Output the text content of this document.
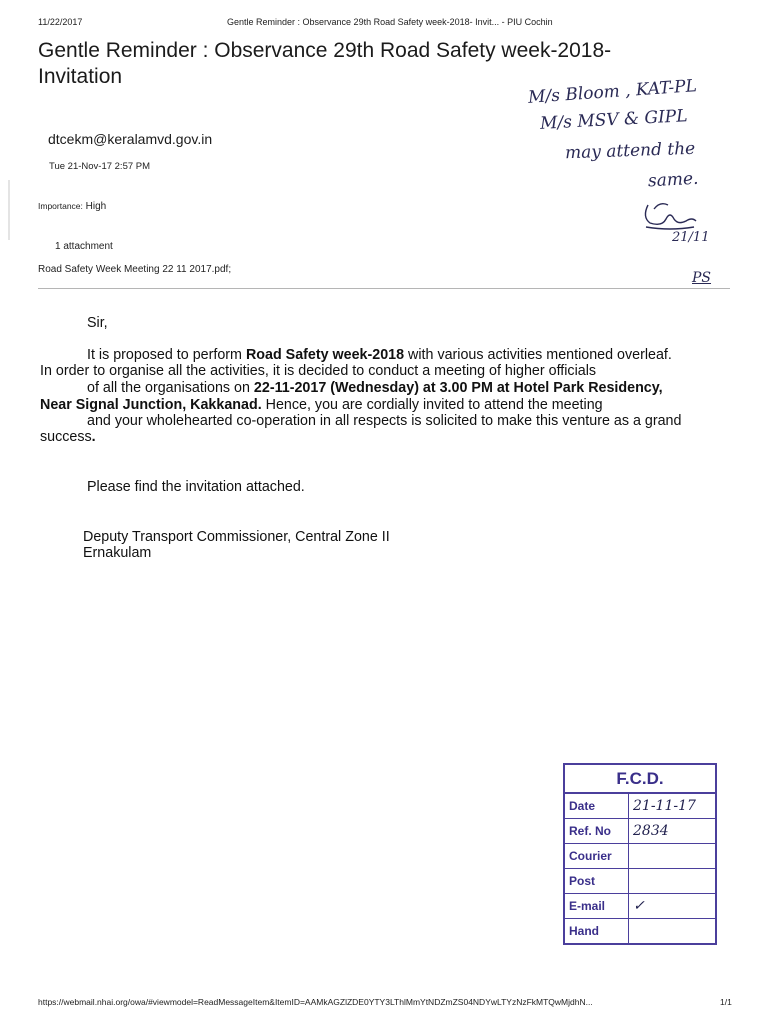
11/22/2017	Gentle Reminder : Observance 29th Road Safety week-2018- Invit... - PIU Cochin
Gentle Reminder : Observance 29th Road Safety week-2018-
Invitation
dtcekm@keralamvd.gov.in
Tue 21-Nov-17 2:57 PM
Importance: High
1 attachment
Road Safety Week Meeting 22 11 2017.pdf;
M/s Bloom , KAT-PL
M/s MSV & GIPL
may attend the
same.
21/11
PS
Sir,
It is proposed to perform Road Safety week-2018 with various activities mentioned overleaf.
In order to organise all the activities, it is decided to conduct a meeting of higher officials
of all the organisations on 22-11-2017 (Wednesday) at 3.00 PM at Hotel Park Residency,
Near Signal Junction, Kakkanad. Hence, you are cordially invited to attend the meeting
and your wholehearted co-operation in all respects is solicited to make this venture as a grand
success.
Please find the invitation attached.
Deputy Transport Commissioner, Central Zone II
Ernakulam
F.C.D.
Date	21-11-17
Ref. No	2834
Courier
Post
E-mail	✓
Hand
https://webmail.nhai.org/owa/#viewmodel=ReadMessageItem&ItemID=AAMkAGZlZDE0YTY3LThlMmYtNDZmZS04NDYwLTYzNzFkMTQwMjdhN...	1/1
